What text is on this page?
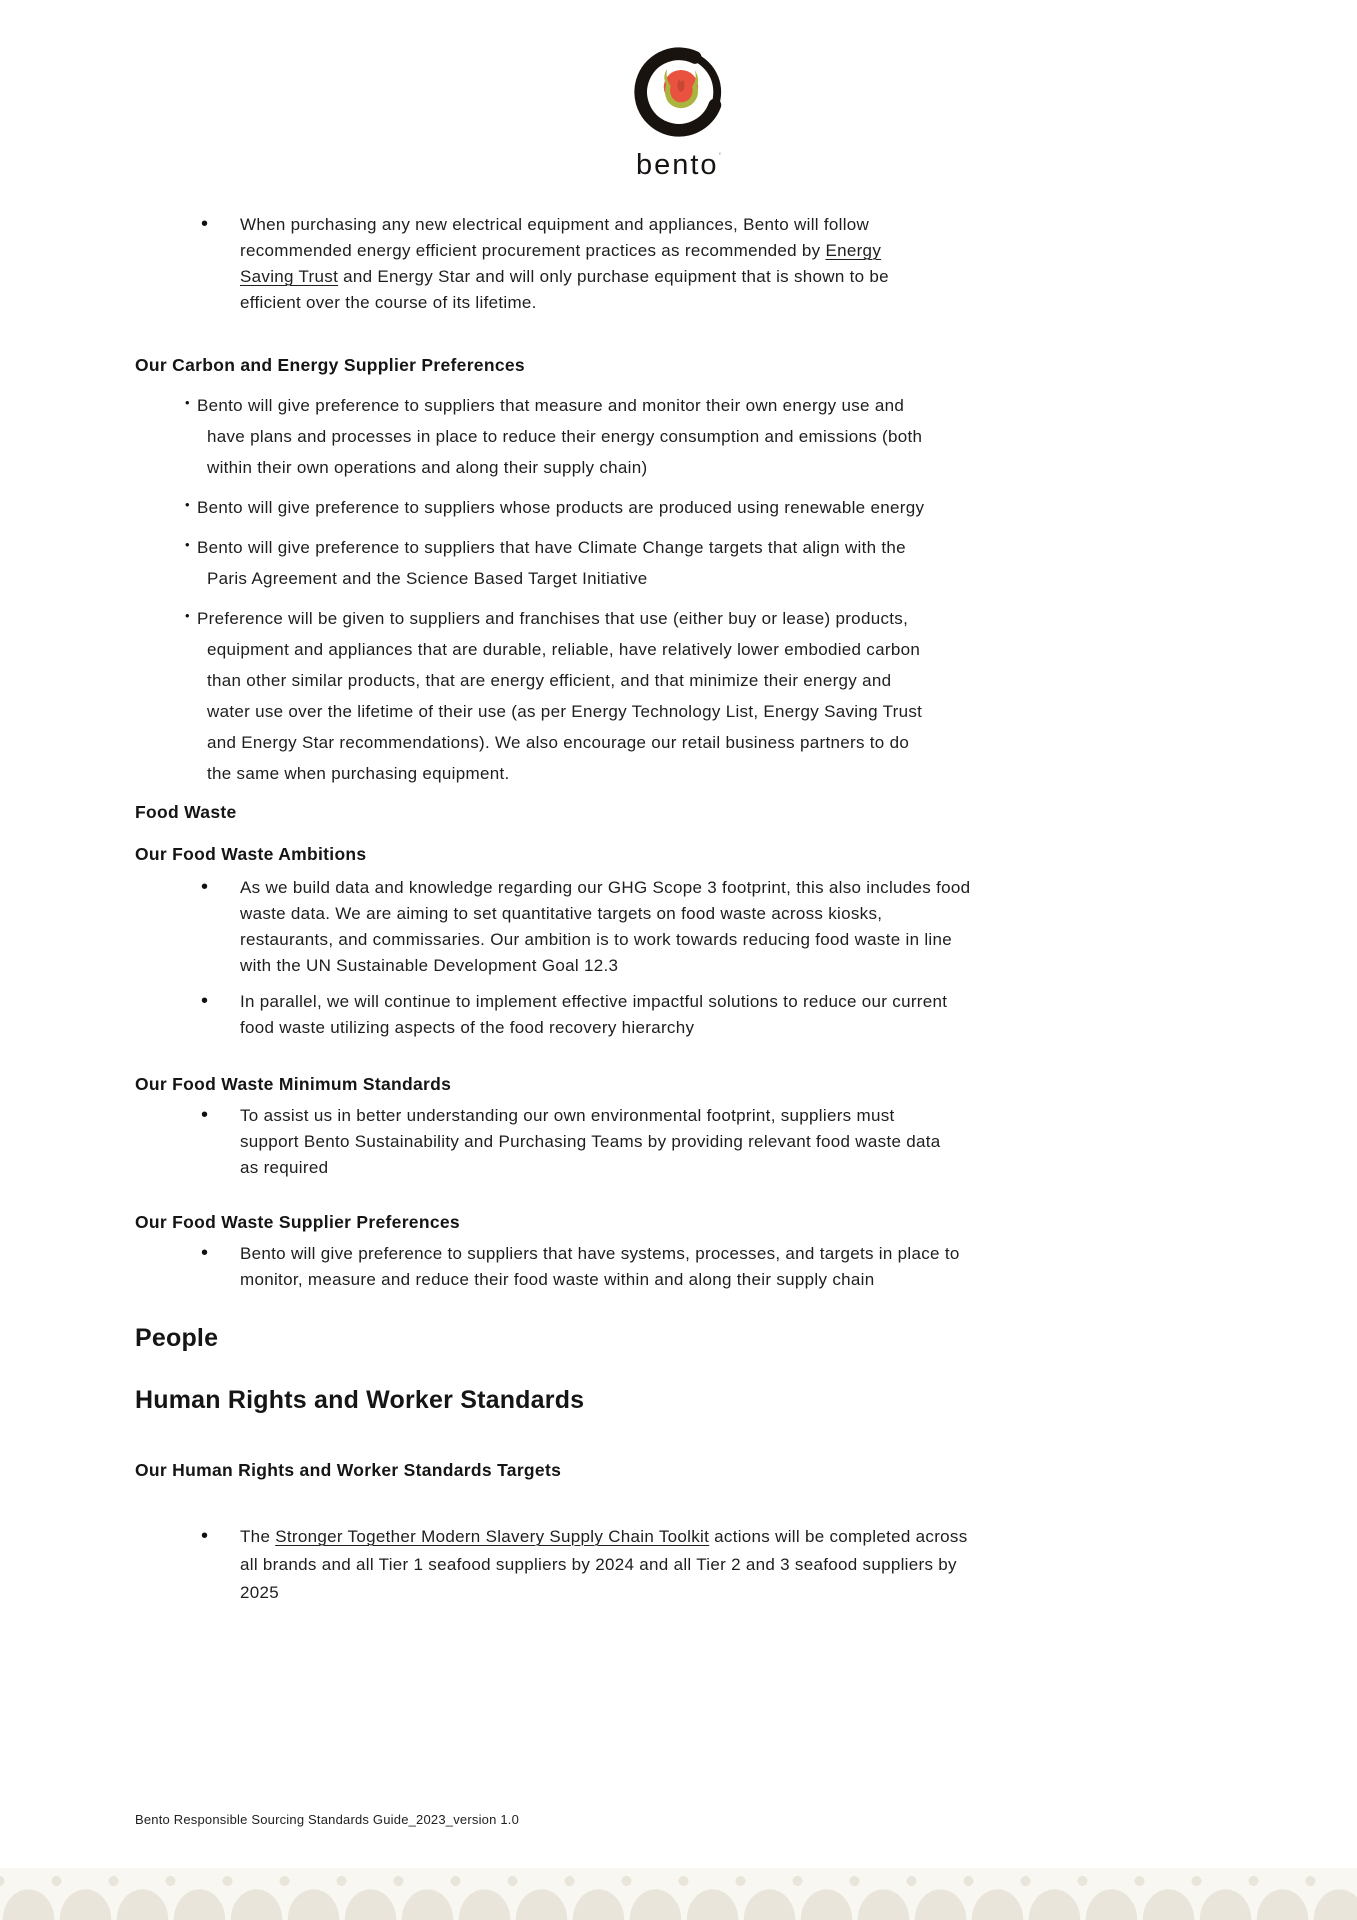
bento’
• When purchasing any new electrical equipment and appliances, Bento will follow recommended energy efficient procurement practices as recommended by Energy Saving Trust and Energy Star and will only purchase equipment that is shown to be efficient over the course of its lifetime.
Our Carbon and Energy Supplier Preferences
• Bento will give preference to suppliers that measure and monitor their own energy use and have plans and processes in place to reduce their energy consumption and emissions (both within their own operations and along their supply chain)
• Bento will give preference to suppliers whose products are produced using renewable energy
• Bento will give preference to suppliers that have Climate Change targets that align with the Paris Agreement and the Science Based Target Initiative
• Preference will be given to suppliers and franchises that use (either buy or lease) products, equipment and appliances that are durable, reliable, have relatively lower embodied carbon than other similar products, that are energy efficient, and that minimize their energy and water use over the lifetime of their use (as per Energy Technology List, Energy Saving Trust and Energy Star recommendations). We also encourage our retail business partners to do the same when purchasing equipment.
Food Waste
Our Food Waste Ambitions
• As we build data and knowledge regarding our GHG Scope 3 footprint, this also includes food waste data. We are aiming to set quantitative targets on food waste across kiosks, restaurants, and commissaries. Our ambition is to work towards reducing food waste in line with the UN Sustainable Development Goal 12.3
• In parallel, we will continue to implement effective impactful solutions to reduce our current food waste utilizing aspects of the food recovery hierarchy
Our Food Waste Minimum Standards
• To assist us in better understanding our own environmental footprint, suppliers must support Bento Sustainability and Purchasing Teams by providing relevant food waste data as required
Our Food Waste Supplier Preferences
• Bento will give preference to suppliers that have systems, processes, and targets in place to monitor, measure and reduce their food waste within and along their supply chain
People
Human Rights and Worker Standards
Our Human Rights and Worker Standards Targets
• The Stronger Together Modern Slavery Supply Chain Toolkit actions will be completed across all brands and all Tier 1 seafood suppliers by 2024 and all Tier 2 and 3 seafood suppliers by 2025
Bento Responsible Sourcing Standards Guide_2023_version 1.0
